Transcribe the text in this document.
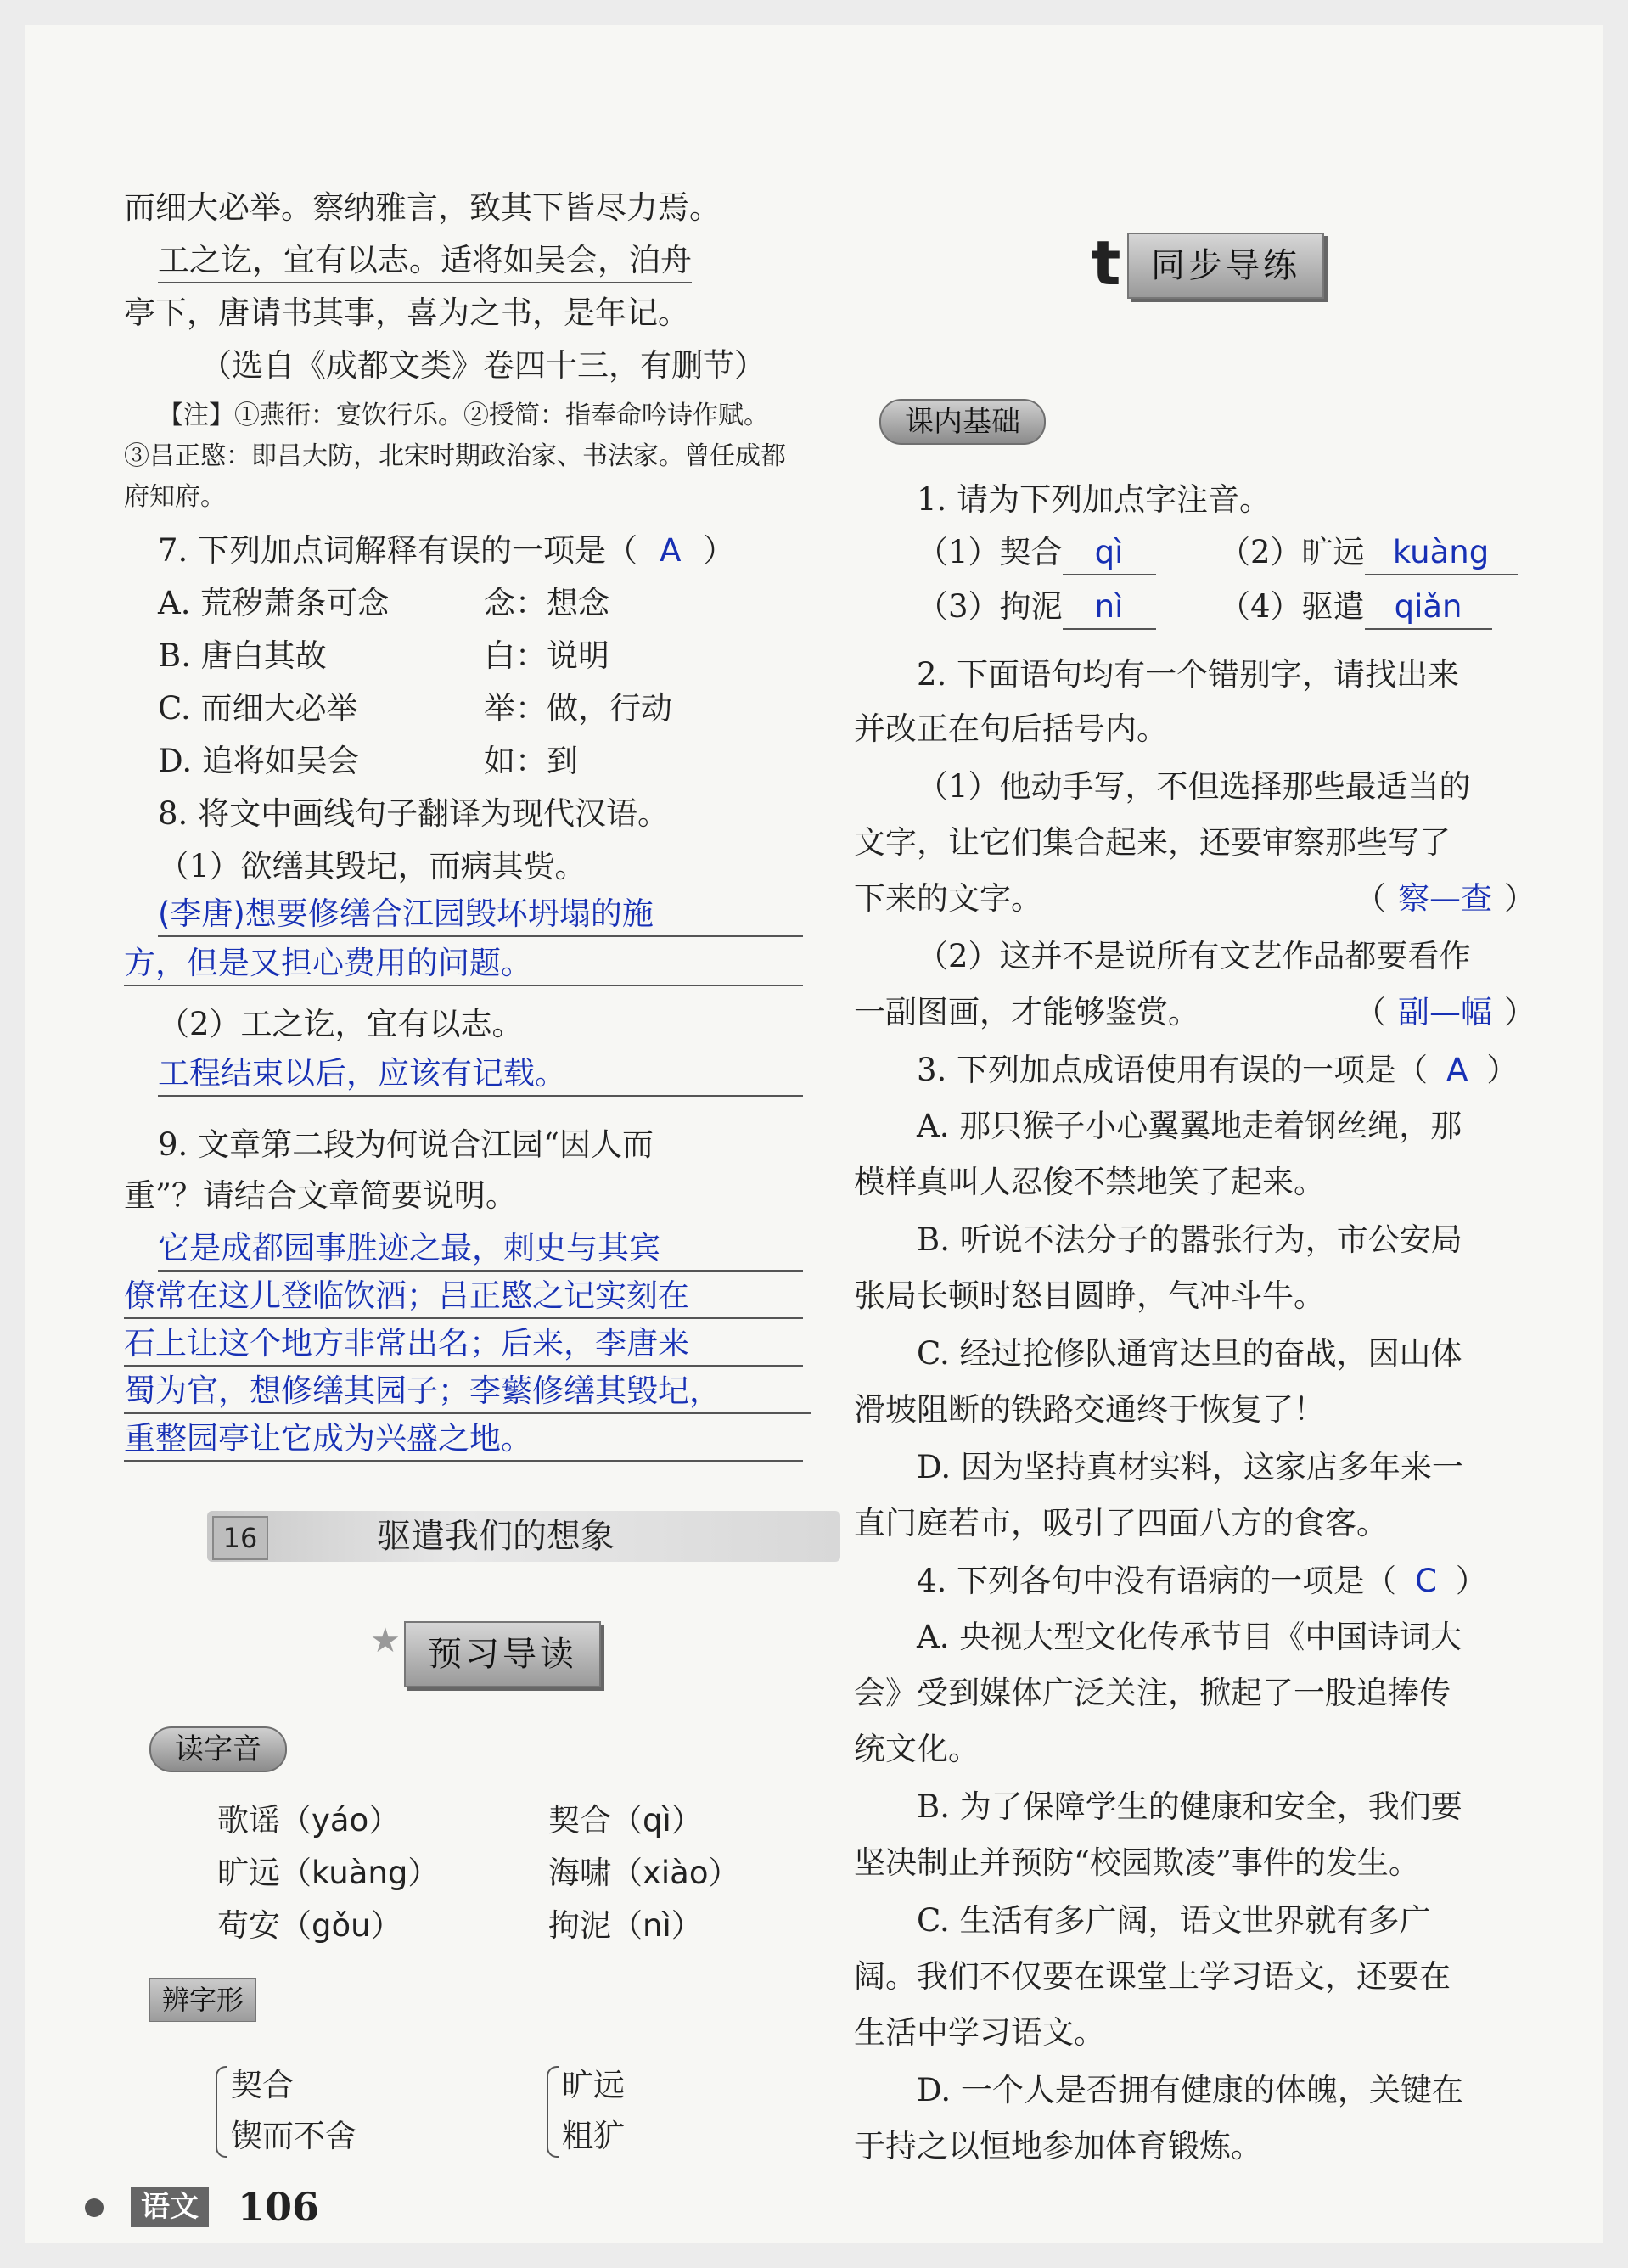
而细大必举。察纳雅言，致其下皆尽力焉。
工之讫，宜有以志。适将如吴会，泊舟
亭下，唐请书其事，喜为之书，是年记。
（选自《成都文类》卷四十三，有删节）
【注】①燕衎：宴饮行乐。②授简：指奉命吟诗作赋。
③吕正愍：即吕大防，北宋时期政治家、书法家。曾任成都
府知府。
7. 下列加点词解释有误的一项是（ A ）
A. 荒秽萧条可念	念：想念
B. 唐白其故	白：说明
C. 而细大必举	举：做，行动
D. 追将如吴会	如：到
8. 将文中画线句子翻译为现代汉语。
（1）欲缮其毁圮，而病其赀。
(李唐)想要修缮合江园毁坏坍塌的施
方，但是又担心费用的问题。
（2）工之讫，宜有以志。
工程结束以后，应该有记载。
9. 文章第二段为何说合江园“因人而
重”？请结合文章简要说明。
它是成都园事胜迹之最，刺史与其宾
僚常在这儿登临饮酒；吕正愍之记实刻在
石上让这个地方非常出名；后来，李唐来
蜀为官，想修缮其园子；李蘩修缮其毁圮，
重整园亭让它成为兴盛之地。
16	驱遣我们的想象
★ 预习导读
读字音
歌谣（yáo）	契合（qì）
旷远（kuàng）	海啸（xiào）
苟安（gǒu）	拘泥（nì）
辨字形
契合
锲而不舍
旷远
粗犷
语文 106
t 同步导练
课内基础
1. 请为下列加点字注音。
（1）契合 qì	（2）旷远 kuàng
（3）拘泥 nì	（4）驱遣 qiǎn
2. 下面语句均有一个错别字，请找出来
并改正在句后括号内。
（1）他动手写，不但选择那些最适当的
文字，让它们集合起来，还要审察那些写了
下来的文字。	（ 察—查 ）
（2）这并不是说所有文艺作品都要看作
一副图画，才能够鉴赏。	（ 副—幅 ）
3. 下列加点成语使用有误的一项是（ A ）
A. 那只猴子小心翼翼地走着钢丝绳，那
模样真叫人忍俊不禁地笑了起来。
B. 听说不法分子的嚣张行为，市公安局
张局长顿时怒目圆睁，气冲斗牛。
C. 经过抢修队通宵达旦的奋战，因山体
滑坡阻断的铁路交通终于恢复了！
D. 因为坚持真材实料，这家店多年来一
直门庭若市，吸引了四面八方的食客。
4. 下列各句中没有语病的一项是（ C ）
A. 央视大型文化传承节目《中国诗词大
会》受到媒体广泛关注，掀起了一股追捧传
统文化。
B. 为了保障学生的健康和安全，我们要
坚决制止并预防“校园欺凌”事件的发生。
C. 生活有多广阔，语文世界就有多广
阔。我们不仅要在课堂上学习语文，还要在
生活中学习语文。
D. 一个人是否拥有健康的体魄，关键在
于持之以恒地参加体育锻炼。
